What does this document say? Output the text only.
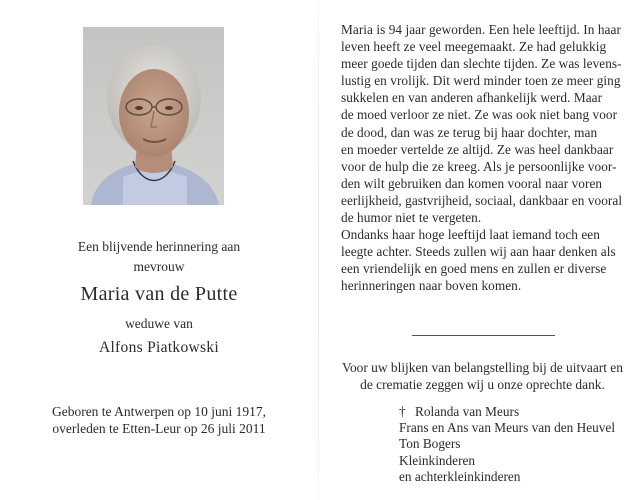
Een blijvende herinnering aan
mevrouw
Maria van de Putte
weduwe van
Alfons Piatkowski
Geboren te Antwerpen op 10 juni 1917,
overleden te Etten-Leur op 26 juli 2011
Maria is 94 jaar geworden. Een hele leeftijd. In haar
leven heeft ze veel meegemaakt. Ze had gelukkig
meer goede tijden dan slechte tijden. Ze was levens-
lustig en vrolijk. Dit werd minder toen ze meer ging
sukkelen en van anderen afhankelijk werd. Maar
de moed verloor ze niet. Ze was ook niet bang voor
de dood, dan was ze terug bij haar dochter, man
en moeder vertelde ze altijd. Ze was heel dankbaar
voor de hulp die ze kreeg. Als je persoonlijke voor-
den wilt gebruiken dan komen vooral naar voren
eerlijkheid, gastvrijheid, sociaal, dankbaar en vooral
de humor niet te vergeten.
Ondanks haar hoge leeftijd laat iemand toch een
leegte achter. Steeds zullen wij aan haar denken als
een vriendelijk en goed mens en zullen er diverse
herinneringen naar boven komen.
Voor uw blijken van belangstelling bij de uitvaart en
de crematie zeggen wij u onze oprechte dank.
† Rolanda van Meurs
Frans en Ans van Meurs van den Heuvel
Ton Bogers
Kleinkinderen
en achterkleinkinderen
